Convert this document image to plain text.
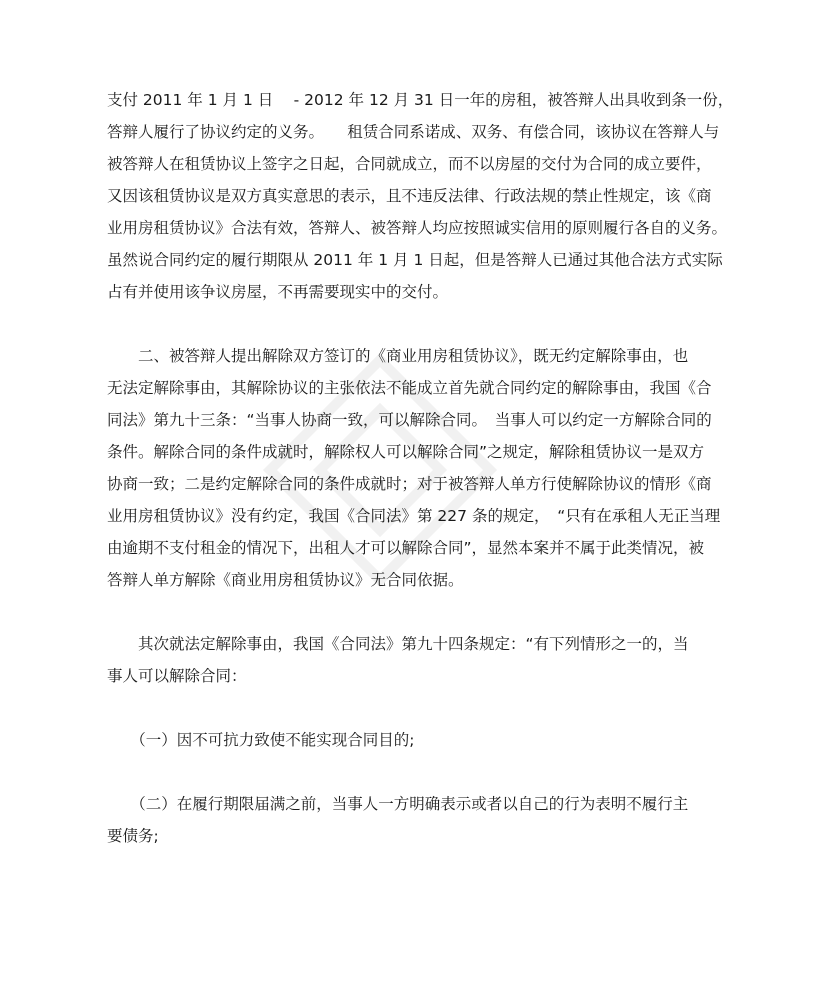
支付 2011 年 1 月 1 日　 - 2012 年 12 月 31 日一年的房租，被答辩人出具收到条一份，
答辩人履行了协议约定的义务。　　租赁合同系诺成、双务、有偿合同，该协议在答辩人与
被答辩人在租赁协议上签字之日起，合同就成立，而不以房屋的交付为合同的成立要件，
又因该租赁协议是双方真实意思的表示，且不违反法律、行政法规的禁止性规定，该《商
业用房租赁协议》合法有效，答辩人、被答辩人均应按照诚实信用的原则履行各自的义务。
虽然说合同约定的履行期限从 2011 年 1 月 1 日起，但是答辩人已通过其他合法方式实际
占有并使用该争议房屋，不再需要现实中的交付。
　　二、被答辩人提出解除双方签订的《商业用房租赁协议》，既无约定解除事由，也
无法定解除事由，其解除协议的主张依法不能成立首先就合同约定的解除事由，我国《合
同法》第九十三条：“当事人协商一致，可以解除合同。　当事人可以约定一方解除合同的
条件。解除合同的条件成就时，解除权人可以解除合同”之规定，解除租赁协议一是双方
协商一致；二是约定解除合同的条件成就时；对于被答辩人单方行使解除协议的情形《商
业用房租赁协议》没有约定，我国《合同法》第 227 条的规定，　“只有在承租人无正当理
由逾期不支付租金的情况下，出租人才可以解除合同”，显然本案并不属于此类情况，被
答辩人单方解除《商业用房租赁协议》无合同依据。
　　其次就法定解除事由，我国《合同法》第九十四条规定：“有下列情形之一的，当
事人可以解除合同：
　　（一）因不可抗力致使不能实现合同目的;
　　（二）在履行期限届满之前，当事人一方明确表示或者以自己的行为表明不履行主
要债务;
